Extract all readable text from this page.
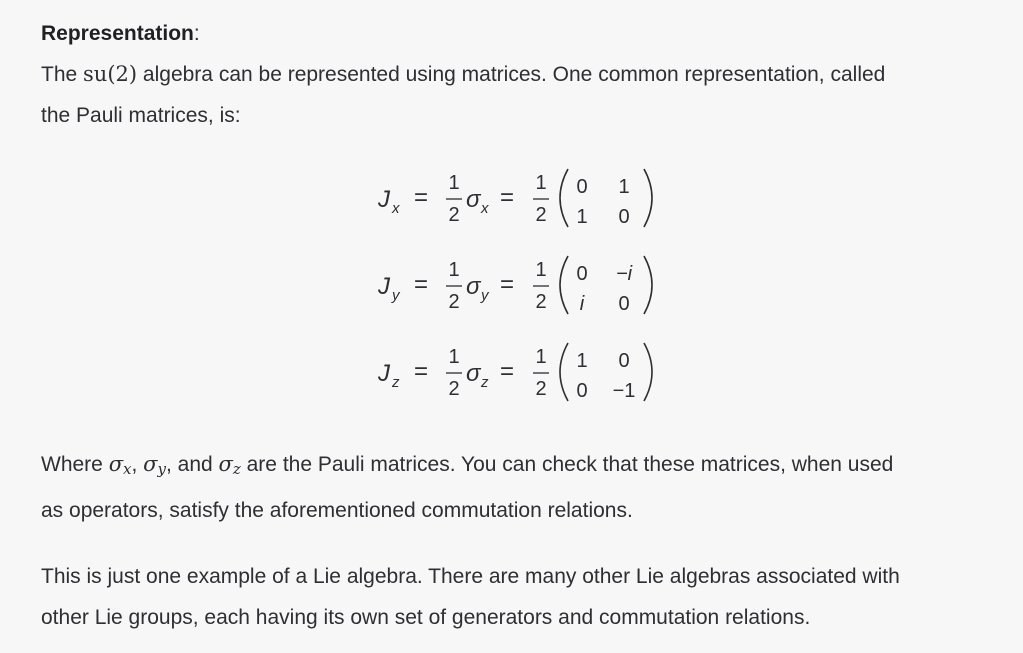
Representation:
The su(2) algebra can be represented using matrices. One common representation, called
the Pauli matrices, is:
J x =
1
2
σ x =
1
2
0 1
1 0
J y =
1
2
σ y =
1
2
0 −i
i 0
J z =
1
2
σ z =
1
2
1 0
0 −1
Where $\sigma_x$, $\sigma_y$, and $\sigma_z$ are the Pauli matrices. You can check that these matrices, when used
as operators, satisfy the aforementioned commutation relations.
This is just one example of a Lie algebra. There are many other Lie algebras associated with
other Lie groups, each having its own set of generators and commutation relations.
